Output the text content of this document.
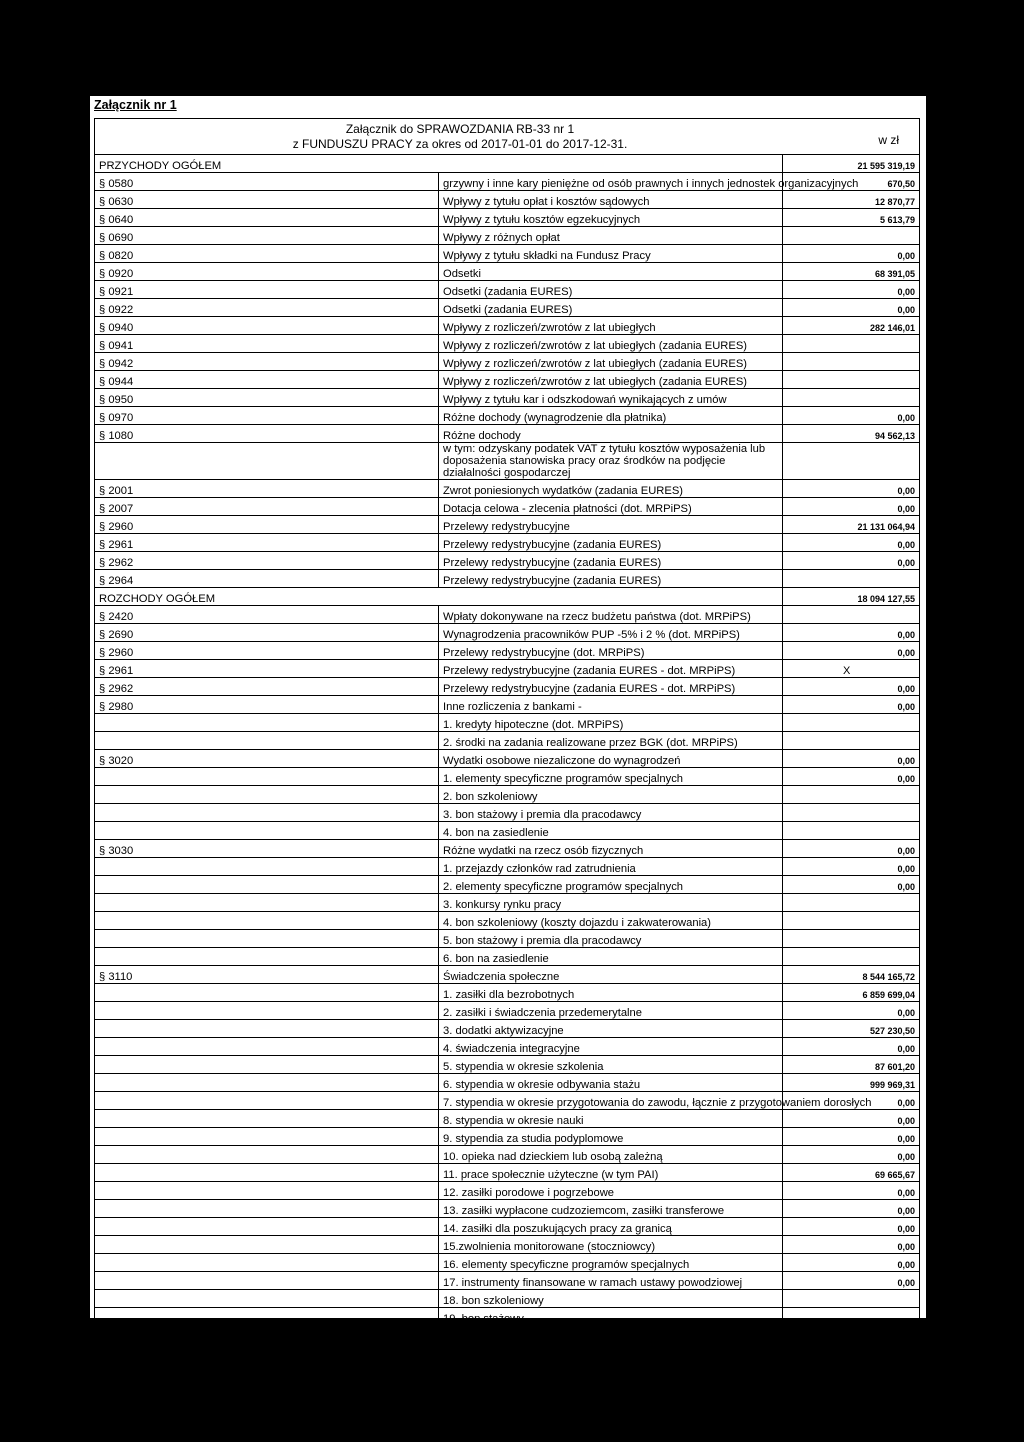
Załącznik nr 1
Załącznik do SPRAWOZDANIA RB-33 nr 1
z FUNDUSZU PRACY za okres od 2017-01-01 do 2017-12-31.	w zł
PRZYCHODY OGÓŁEM		21 595 319,19
§ 0580	grzywny i inne kary pieniężne od osób prawnych i innych jednostek organizacyjnych	670,50
§ 0630	Wpływy z tytułu opłat i kosztów sądowych	12 870,77
§ 0640	Wpływy z tytułu kosztów egzekucyjnych	5 613,79
§ 0690	Wpływy z różnych opłat	
§ 0820	Wpływy z tytułu składki na Fundusz Pracy	0,00
§ 0920	Odsetki	68 391,05
§ 0921	Odsetki (zadania EURES)	0,00
§ 0922	Odsetki (zadania EURES)	0,00
§ 0940	Wpływy z rozliczeń/zwrotów z lat ubiegłych	282 146,01
§ 0941	Wpływy z rozliczeń/zwrotów z lat ubiegłych (zadania EURES)	
§ 0942	Wpływy z rozliczeń/zwrotów z lat ubiegłych (zadania EURES)	
§ 0944	Wpływy z rozliczeń/zwrotów z lat ubiegłych (zadania EURES)	
§ 0950	Wpływy z tytułu kar i odszkodowań wynikających z umów	
§ 0970	Różne dochody (wynagrodzenie dla płatnika)	0,00
§ 1080	Różne dochody	94 562,13
	w tym: odzyskany podatek VAT z tytułu kosztów wyposażenia lub doposażenia stanowiska pracy oraz środków na podjęcie działalności gospodarczej	
§ 2001	Zwrot poniesionych wydatków (zadania EURES)	0,00
§ 2007	Dotacja celowa - zlecenia płatności (dot. MRPiPS)	0,00
§ 2960	Przelewy redystrybucyjne	21 131 064,94
§ 2961	Przelewy redystrybucyjne (zadania EURES)	0,00
§ 2962	Przelewy redystrybucyjne (zadania EURES)	0,00
§ 2964	Przelewy redystrybucyjne (zadania EURES)	
ROZCHODY OGÓŁEM		18 094 127,55
§ 2420	Wpłaty dokonywane na rzecz budżetu państwa (dot. MRPiPS)	
§ 2690	Wynagrodzenia pracowników PUP -5% i 2 % (dot. MRPiPS)	0,00
§ 2960	Przelewy redystrybucyjne (dot. MRPiPS)	0,00
§ 2961	Przelewy redystrybucyjne (zadania EURES - dot. MRPiPS)	X
§ 2962	Przelewy redystrybucyjne (zadania EURES - dot. MRPiPS)	0,00
§ 2980	Inne rozliczenia z bankami -	0,00
	1. kredyty hipoteczne (dot. MRPiPS)	
	2. środki na zadania realizowane przez BGK (dot. MRPiPS)	
§ 3020	Wydatki osobowe niezaliczone do wynagrodzeń	0,00
	1. elementy specyficzne programów specjalnych	0,00
	2. bon szkoleniowy	
	3. bon stażowy i premia dla pracodawcy	
	4. bon na zasiedlenie	
§ 3030	Różne wydatki na rzecz osób fizycznych	0,00
	1. przejazdy członków rad zatrudnienia	0,00
	2. elementy specyficzne programów specjalnych	0,00
	3. konkursy rynku pracy	
	4. bon szkoleniowy (koszty dojazdu i zakwaterowania)	
	5. bon stażowy i premia dla pracodawcy	
	6. bon na zasiedlenie	
§ 3110	Świadczenia społeczne	8 544 165,72
	1. zasiłki dla bezrobotnych	6 859 699,04
	2. zasiłki i świadczenia przedemerytalne	0,00
	3. dodatki aktywizacyjne	527 230,50
	4. świadczenia integracyjne	0,00
	5. stypendia w okresie szkolenia	87 601,20
	6. stypendia w okresie odbywania stażu	999 969,31
	7. stypendia w okresie przygotowania do zawodu, łącznie z przygotowaniem dorosłych	0,00
	8. stypendia w okresie nauki	0,00
	9. stypendia za studia podyplomowe	0,00
	10. opieka nad dzieckiem lub osobą zależną	0,00
	11. prace społecznie użyteczne (w tym PAI)	69 665,67
	12. zasiłki porodowe i pogrzebowe	0,00
	13. zasiłki wypłacone cudzoziemcom, zasiłki transferowe	0,00
	14. zasiłki dla poszukujących pracy za granicą	0,00
	15.zwolnienia monitorowane (stoczniowcy)	0,00
	16. elementy specyficzne programów specjalnych	0,00
	17. instrumenty finansowane w ramach ustawy powodziowej	0,00
	18. bon szkoleniowy	
	19. bon stażowy	
	20. świadczenie aktywizacyjne	
